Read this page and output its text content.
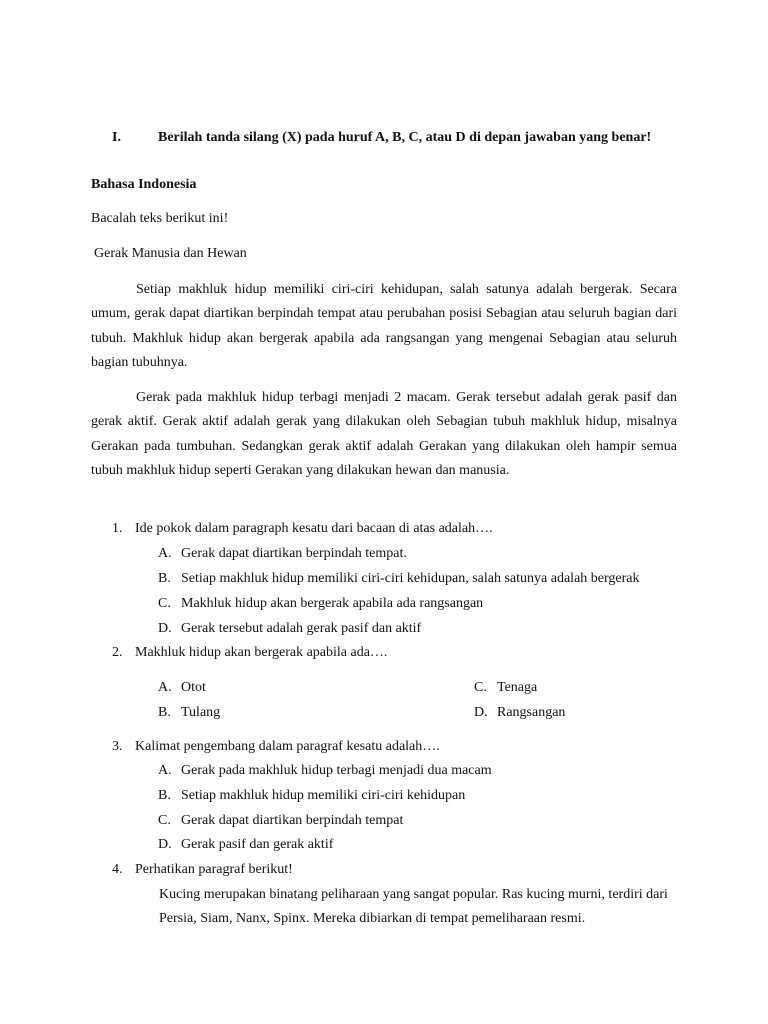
I.	Berilah tanda silang (X) pada huruf A, B, C, atau D di depan jawaban yang benar!
Bahasa Indonesia
Bacalah teks berikut ini!
Gerak Manusia dan Hewan
Setiap makhluk hidup memiliki ciri-ciri kehidupan, salah satunya adalah bergerak. Secara umum, gerak dapat diartikan berpindah tempat atau perubahan posisi Sebagian atau seluruh bagian dari tubuh. Makhluk hidup akan bergerak apabila ada rangsangan yang mengenai Sebagian atau seluruh bagian tubuhnya.
Gerak pada makhluk hidup terbagi menjadi 2 macam. Gerak tersebut adalah gerak pasif dan gerak aktif. Gerak aktif adalah gerak yang dilakukan oleh Sebagian tubuh makhluk hidup, misalnya Gerakan pada tumbuhan. Sedangkan gerak aktif adalah Gerakan yang dilakukan oleh hampir semua tubuh makhluk hidup seperti Gerakan yang dilakukan hewan dan manusia.
1. Ide pokok dalam paragraph kesatu dari bacaan di atas adalah….
A. Gerak dapat diartikan berpindah tempat.
B. Setiap makhluk hidup memiliki ciri-ciri kehidupan, salah satunya adalah bergerak
C. Makhluk hidup akan bergerak apabila ada rangsangan
D. Gerak tersebut adalah gerak pasif dan aktif
2. Makhluk hidup akan bergerak apabila ada….
A. Otot
B. Tulang
C. Tenaga
D. Rangsangan
3. Kalimat pengembang dalam paragraf kesatu adalah….
A. Gerak pada makhluk hidup terbagi menjadi dua macam
B. Setiap makhluk hidup memiliki ciri-ciri kehidupan
C. Gerak dapat diartikan berpindah tempat
D. Gerak pasif dan gerak aktif
4. Perhatikan paragraf berikut!
Kucing merupakan binatang peliharaan yang sangat popular. Ras kucing murni, terdiri dari Persia, Siam, Nanx, Spinx. Mereka dibiarkan di tempat pemeliharaan resmi.
